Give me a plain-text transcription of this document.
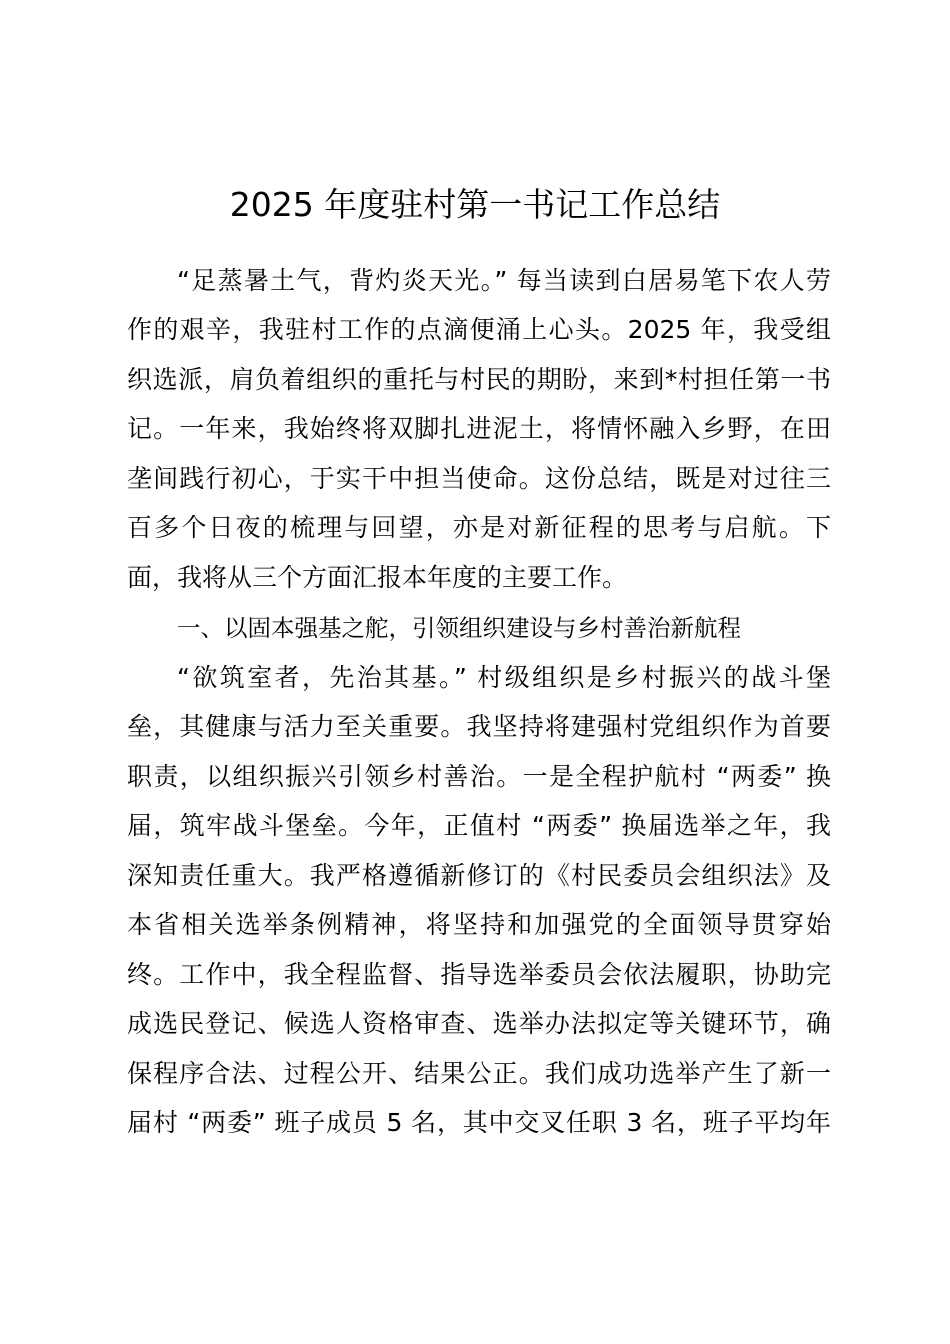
2025 年度驻村第一书记工作总结
“足蒸暑土气，背灼炎天光。” 每当读到白居易笔下农人劳
作的艰辛，我驻村工作的点滴便涌上心头。2025 年，我受组
织选派，肩负着组织的重托与村民的期盼，来到*村担任第一书
记。一年来，我始终将双脚扎进泥土，将情怀融入乡野，在田
垄间践行初心，于实干中担当使命。这份总结，既是对过往三
百多个日夜的梳理与回望，亦是对新征程的思考与启航。下
面，我将从三个方面汇报本年度的主要工作。
一、以固本强基之舵，引领组织建设与乡村善治新航程
“欲筑室者，先治其基。” 村级组织是乡村振兴的战斗堡
垒，其健康与活力至关重要。我坚持将建强村党组织作为首要
职责，以组织振兴引领乡村善治。一是全程护航村 “两委” 换
届，筑牢战斗堡垒。今年，正值村 “两委” 换届选举之年，我
深知责任重大。我严格遵循新修订的《村民委员会组织法》及
本省相关选举条例精神，将坚持和加强党的全面领导贯穿始
终。工作中，我全程监督、指导选举委员会依法履职，协助完
成选民登记、候选人资格审查、选举办法拟定等关键环节，确
保程序合法、过程公开、结果公正。我们成功选举产生了新一
届村 “两委” 班子成员 5 名，其中交叉任职 3 名，班子平均年
